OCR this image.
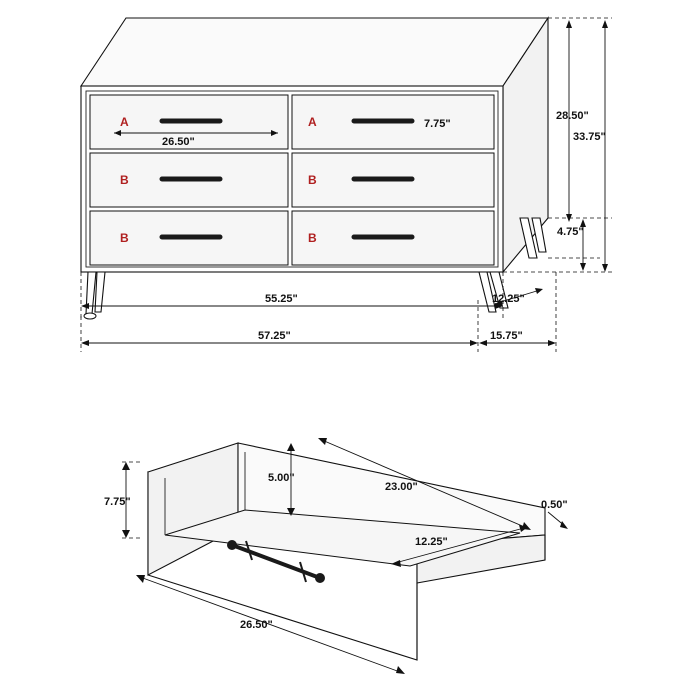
A	A
B	B
B	B
26.50"
7.75"
28.50"
33.75"
4.75"
55.25"	12.25"
57.25"	15.75"
7.75"
5.00"
23.00"
12.25"
0.50"
26.50"
